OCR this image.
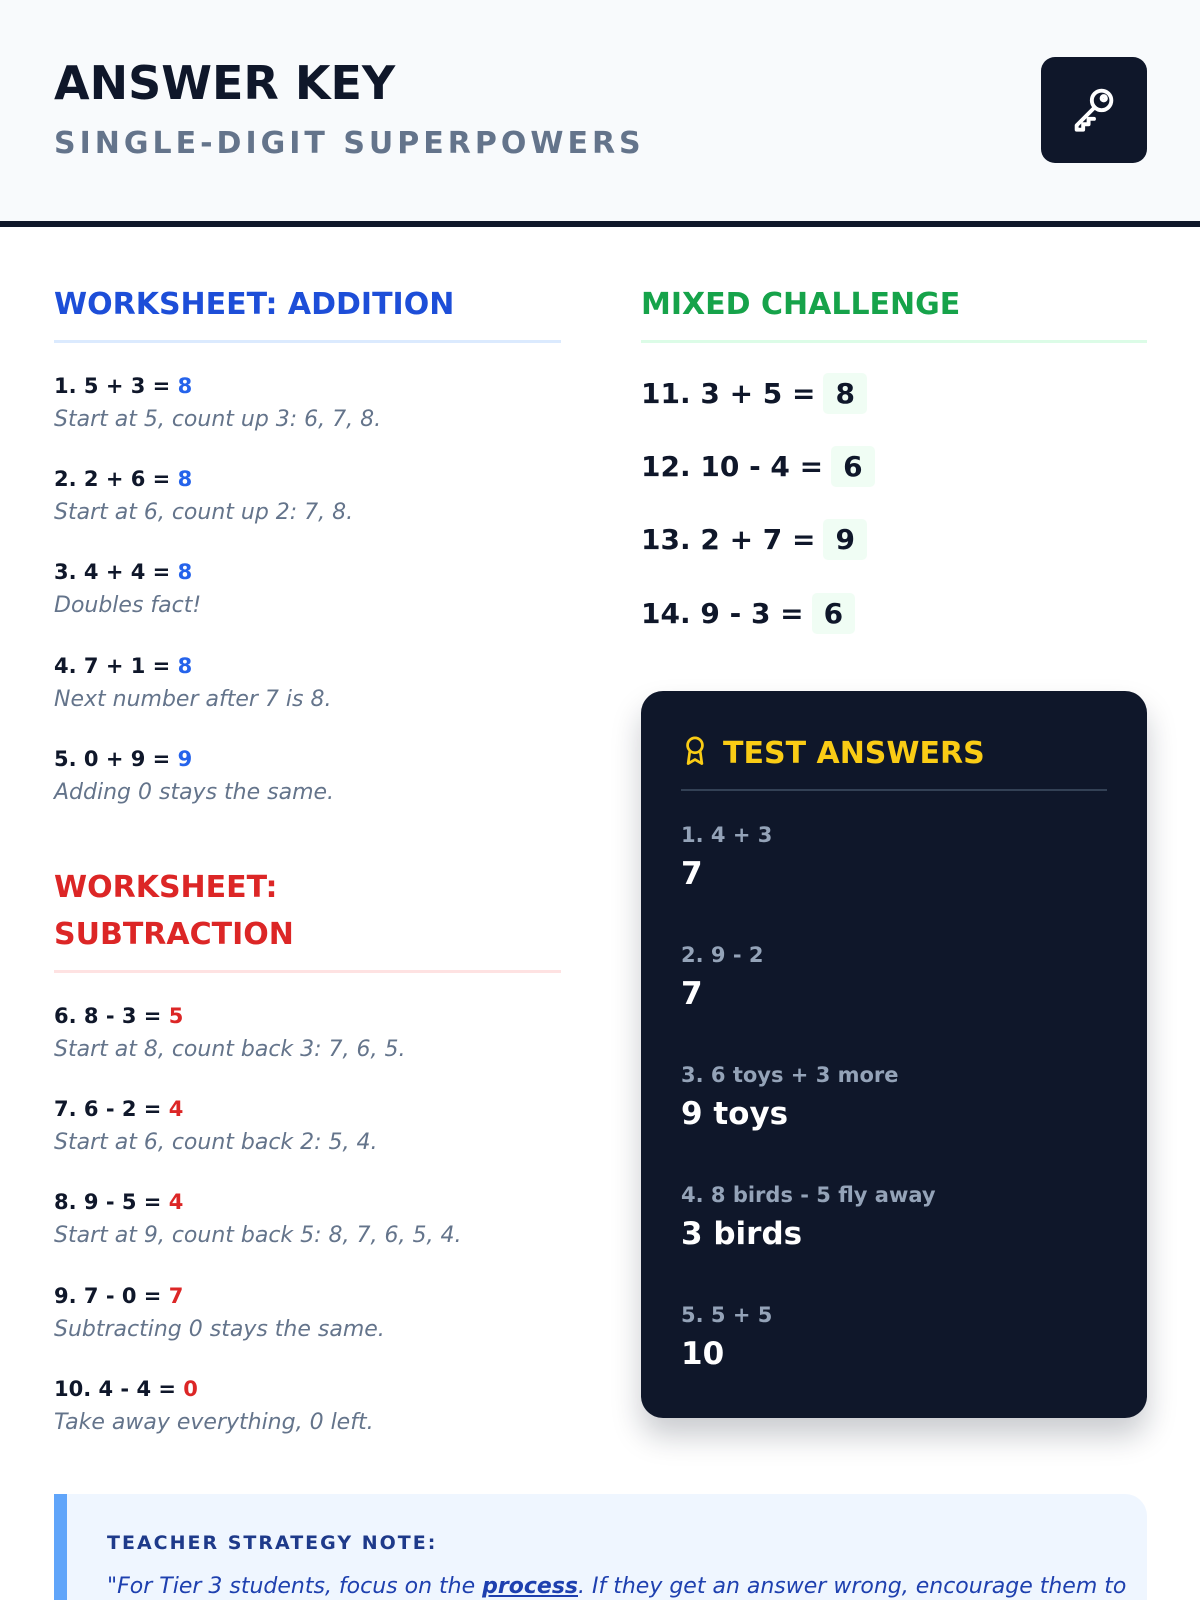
ANSWER KEY
SINGLE-DIGIT SUPERPOWERS
WORKSHEET: ADDITION
1. 5 + 3 = 8
Start at 5, count up 3: 6, 7, 8.
2. 2 + 6 = 8
Start at 6, count up 2: 7, 8.
3. 4 + 4 = 8
Doubles fact!
4. 7 + 1 = 8
Next number after 7 is 8.
5. 0 + 9 = 9
Adding 0 stays the same.
WORKSHEET:
SUBTRACTION
6. 8 - 3 = 5
Start at 8, count back 3: 7, 6, 5.
7. 6 - 2 = 4
Start at 6, count back 2: 5, 4.
8. 9 - 5 = 4
Start at 9, count back 5: 8, 7, 6, 5, 4.
9. 7 - 0 = 7
Subtracting 0 stays the same.
10. 4 - 4 = 0
Take away everything, 0 left.
MIXED CHALLENGE
11. 3 + 5 = 8
12. 10 - 4 = 6
13. 2 + 7 = 9
14. 9 - 3 = 6
TEST ANSWERS
1. 4 + 3
7
2. 9 - 2
7
3. 6 toys + 3 more
9 toys
4. 8 birds - 5 fly away
3 birds
5. 5 + 5
10
TEACHER STRATEGY NOTE:
"For Tier 3 students, focus on the process. If they get an answer wrong, encourage them to
